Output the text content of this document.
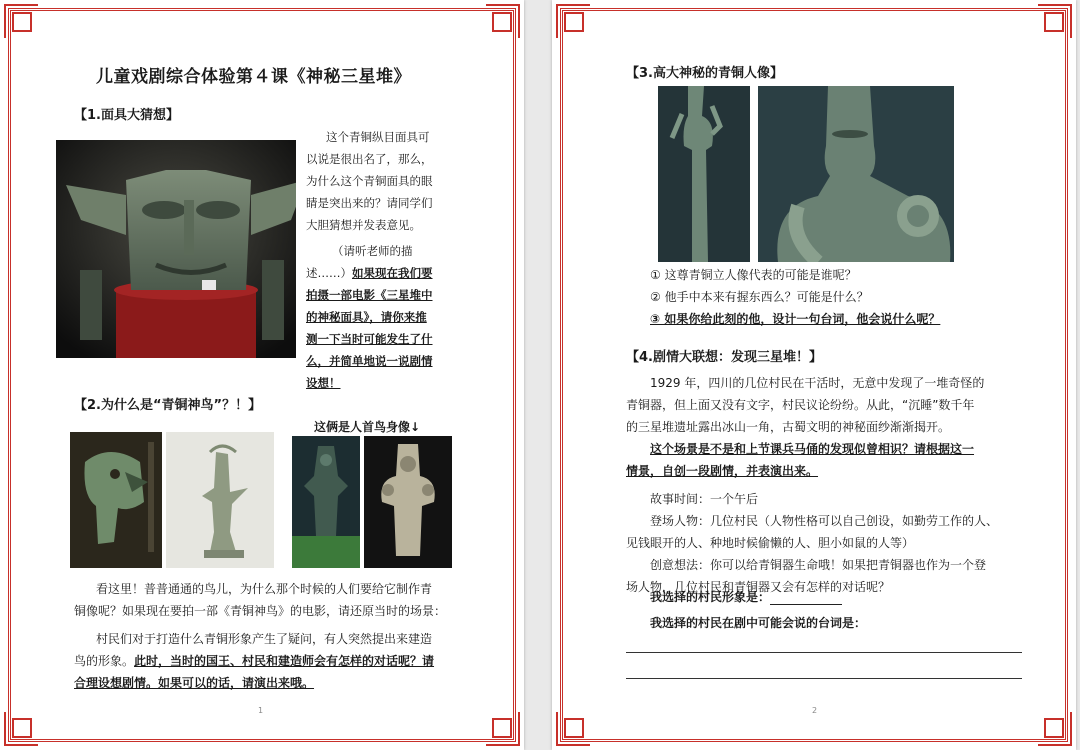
儿童戏剧综合体验第４课《神秘三星堆》
【1.面具大猜想】
这个青铜纵目面具可
以说是很出名了，那么，
为什么这个青铜面具的眼
睛是突出来的？请同学们
大胆猜想并发表意见。
（请听老师的描
述……）如果现在我们要
拍摄一部电影《三星堆中
的神秘面具》，请你来推
测一下当时可能发生了什
么，并简单地说一说剧情
设想！
【2.为什么是“青铜神鸟”？！】
这俩是人首鸟身像↓
看这里！普普通通的鸟儿，为什么那个时候的人们要给它制作青
铜像呢？如果现在要拍一部《青铜神鸟》的电影，请还原当时的场景：
村民们对于打造什么青铜形象产生了疑问，有人突然提出来建造
鸟的形象。此时，当时的国王、村民和建造师会有怎样的对话呢？请
合理设想剧情。如果可以的话，请演出来哦。
1
【3.高大神秘的青铜人像】
① 这尊青铜立人像代表的可能是谁呢？
② 他手中本来有握东西么？可能是什么？
③ 如果你给此刻的他，设计一句台词，他会说什么呢？
【4.剧情大联想：发现三星堆！】
1929 年，四川的几位村民在干活时，无意中发现了一堆奇怪的
青铜器，但上面又没有文字，村民议论纷纷。从此，“沉睡”数千年
的三星堆遗址露出冰山一角，古蜀文明的神秘面纱渐渐揭开。
这个场景是不是和上节课兵马俑的发现似曾相识？请根据这一
情景，自创一段剧情，并表演出来。
故事时间：一个午后
登场人物：几位村民（人物性格可以自己创设，如勤劳工作的人、
见钱眼开的人、种地时候偷懒的人、胆小如鼠的人等）
创意想法：你可以给青铜器生命哦！如果把青铜器也作为一个登
场人物，几位村民和青铜器又会有怎样的对话呢？
我选择的村民形象是：
我选择的村民在剧中可能会说的台词是：
2
